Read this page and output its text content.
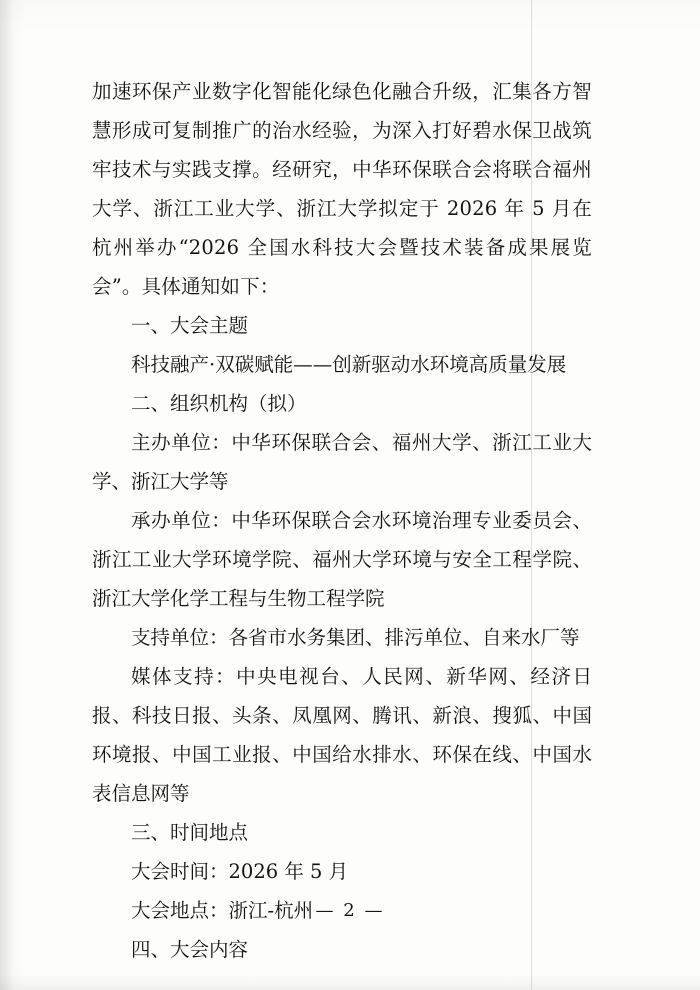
加速环保产业数字化智能化绿色化融合升级，汇集各方智慧形成可复制推广的治水经验，为深入打好碧水保卫战筑牢技术与实践支撑。经研究，中华环保联合会将联合福州大学、浙江工业大学、浙江大学拟定于 2026 年 5 月在杭州举办“2026 全国水科技大会暨技术装备成果展览会”。具体通知如下：

一、大会主题
科技融产·双碳赋能——创新驱动水环境高质量发展
二、组织机构（拟）
主办单位：中华环保联合会、福州大学、浙江工业大学、浙江大学等
承办单位：中华环保联合会水环境治理专业委员会、浙江工业大学环境学院、福州大学环境与安全工程学院、浙江大学化学工程与生物工程学院
支持单位：各省市水务集团、排污单位、自来水厂等
媒体支持：中央电视台、人民网、新华网、经济日报、科技日报、头条、凤凰网、腾讯、新浪、搜狐、中国环境报、中国工业报、中国给水排水、环保在线、中国水表信息网等
三、时间地点
大会时间：2026 年 5 月
大会地点：浙江-杭州
四、大会内容
— 2 —
